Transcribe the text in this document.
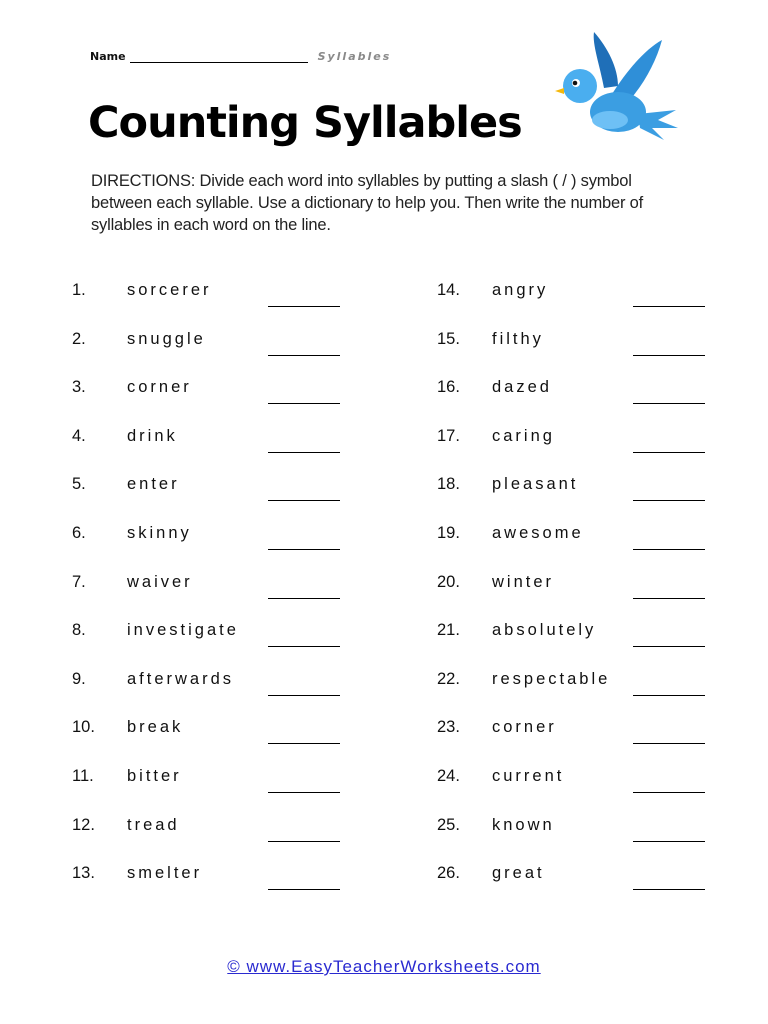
Name	Syllables
Counting Syllables

DIRECTIONS: Divide each word into syllables by putting a slash ( / ) symbol between each syllable. Use a dictionary to help you. Then write the number of syllables in each word on the line.

1. sorcerer
2. snuggle
3. corner
4. drink
5. enter
6. skinny
7. waiver
8. investigate
9. afterwards
10. break
11. bitter
12. tread
13. smelter
14. angry
15. filthy
16. dazed
17. caring
18. pleasant
19. awesome
20. winter
21. absolutely
22. respectable
23. corner
24. current
25. known
26. great
© www.EasyTeacherWorksheets.com
